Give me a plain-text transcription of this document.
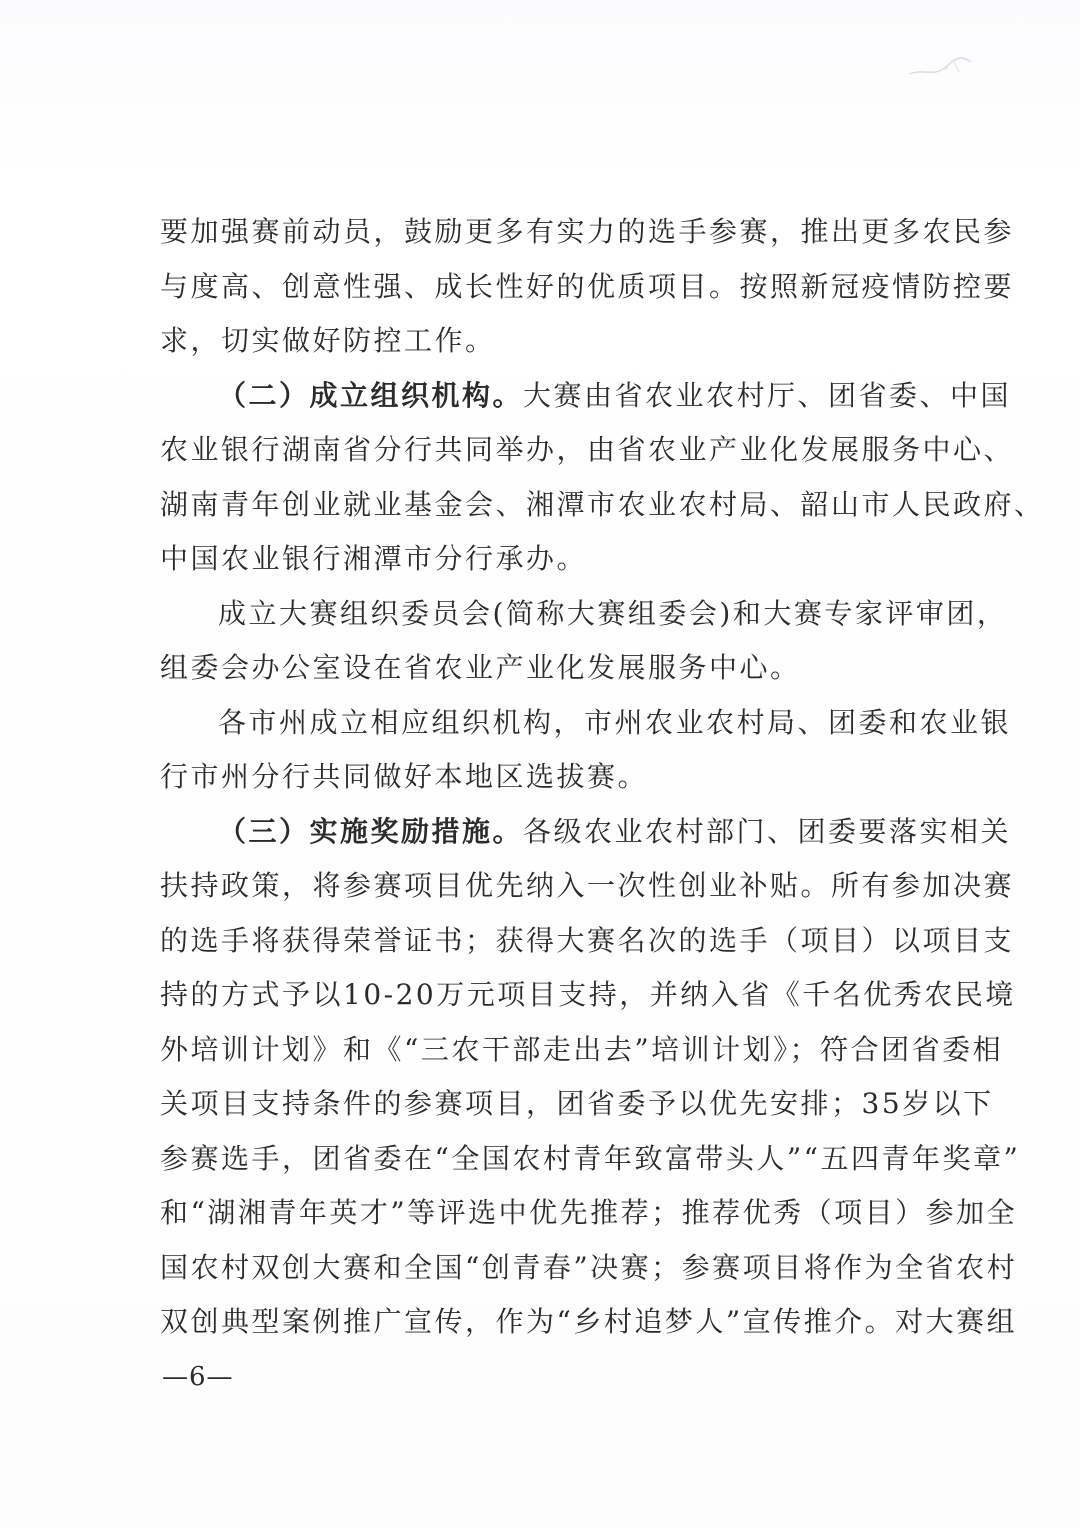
要加强赛前动员，鼓励更多有实力的选手参赛，推出更多农民参
与度高、创意性强、成长性好的优质项目。按照新冠疫情防控要
求，切实做好防控工作。
（二）成立组织机构。大赛由省农业农村厅、团省委、中国
农业银行湖南省分行共同举办，由省农业产业化发展服务中心、
湖南青年创业就业基金会、湘潭市农业农村局、韶山市人民政府、
中国农业银行湘潭市分行承办。
成立大赛组织委员会(简称大赛组委会)和大赛专家评审团，
组委会办公室设在省农业产业化发展服务中心。
各市州成立相应组织机构，市州农业农村局、团委和农业银
行市州分行共同做好本地区选拔赛。
（三）实施奖励措施。各级农业农村部门、团委要落实相关
扶持政策，将参赛项目优先纳入一次性创业补贴。所有参加决赛
的选手将获得荣誉证书；获得大赛名次的选手（项目）以项目支
持的方式予以10-20万元项目支持，并纳入省《千名优秀农民境
外培训计划》和《“三农干部走出去”培训计划》；符合团省委相
关项目支持条件的参赛项目，团省委予以优先安排；35岁以下
参赛选手，团省委在“全国农村青年致富带头人”“五四青年奖章”
和“湖湘青年英才”等评选中优先推荐；推荐优秀（项目）参加全
国农村双创大赛和全国“创青春”决赛；参赛项目将作为全省农村
双创典型案例推广宣传，作为“乡村追梦人”宣传推介。对大赛组
—6—
